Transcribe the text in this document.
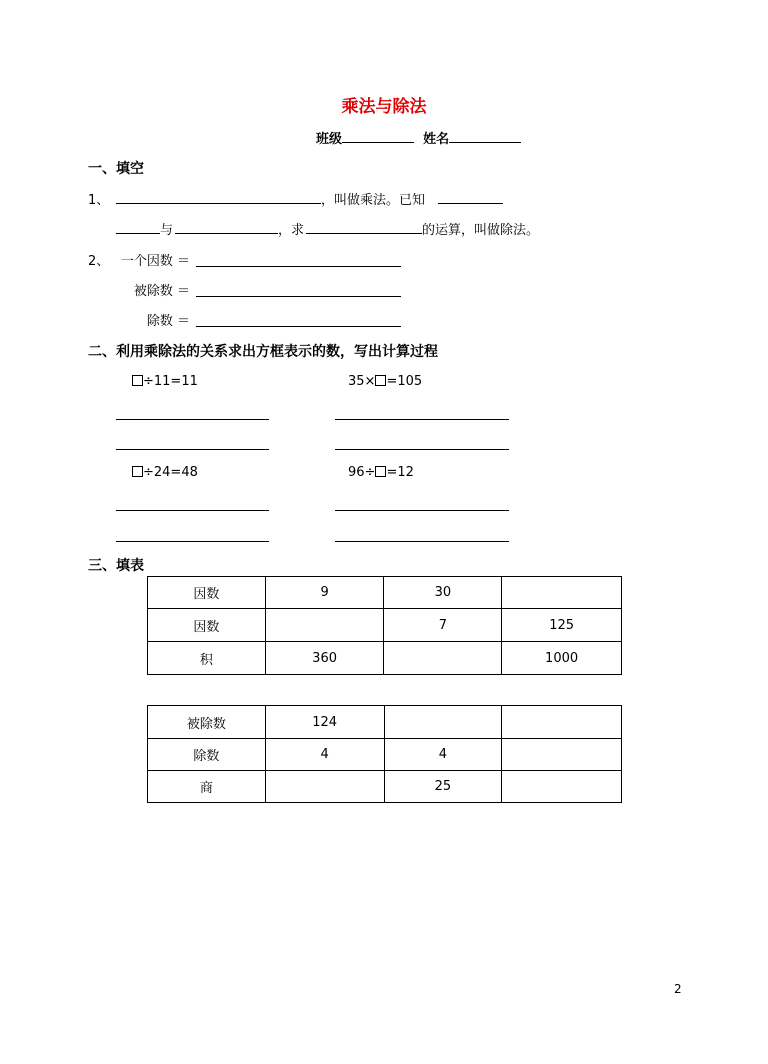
乘法与除法
班级	姓名
一、填空
1、	，叫做乘法。已知
与	，求	的运算，叫做除法。
2、 一个因数 ＝
被除数 ＝
除数 ＝
二、利用乘除法的关系求出方框表示的数，写出计算过程
÷11=11	35× =105
÷24=48	96÷ =12
三、填表
因数	9	30	
因数		7	125
积	360		1000
被除数	124		
除数	4	4	
商		25	
2
